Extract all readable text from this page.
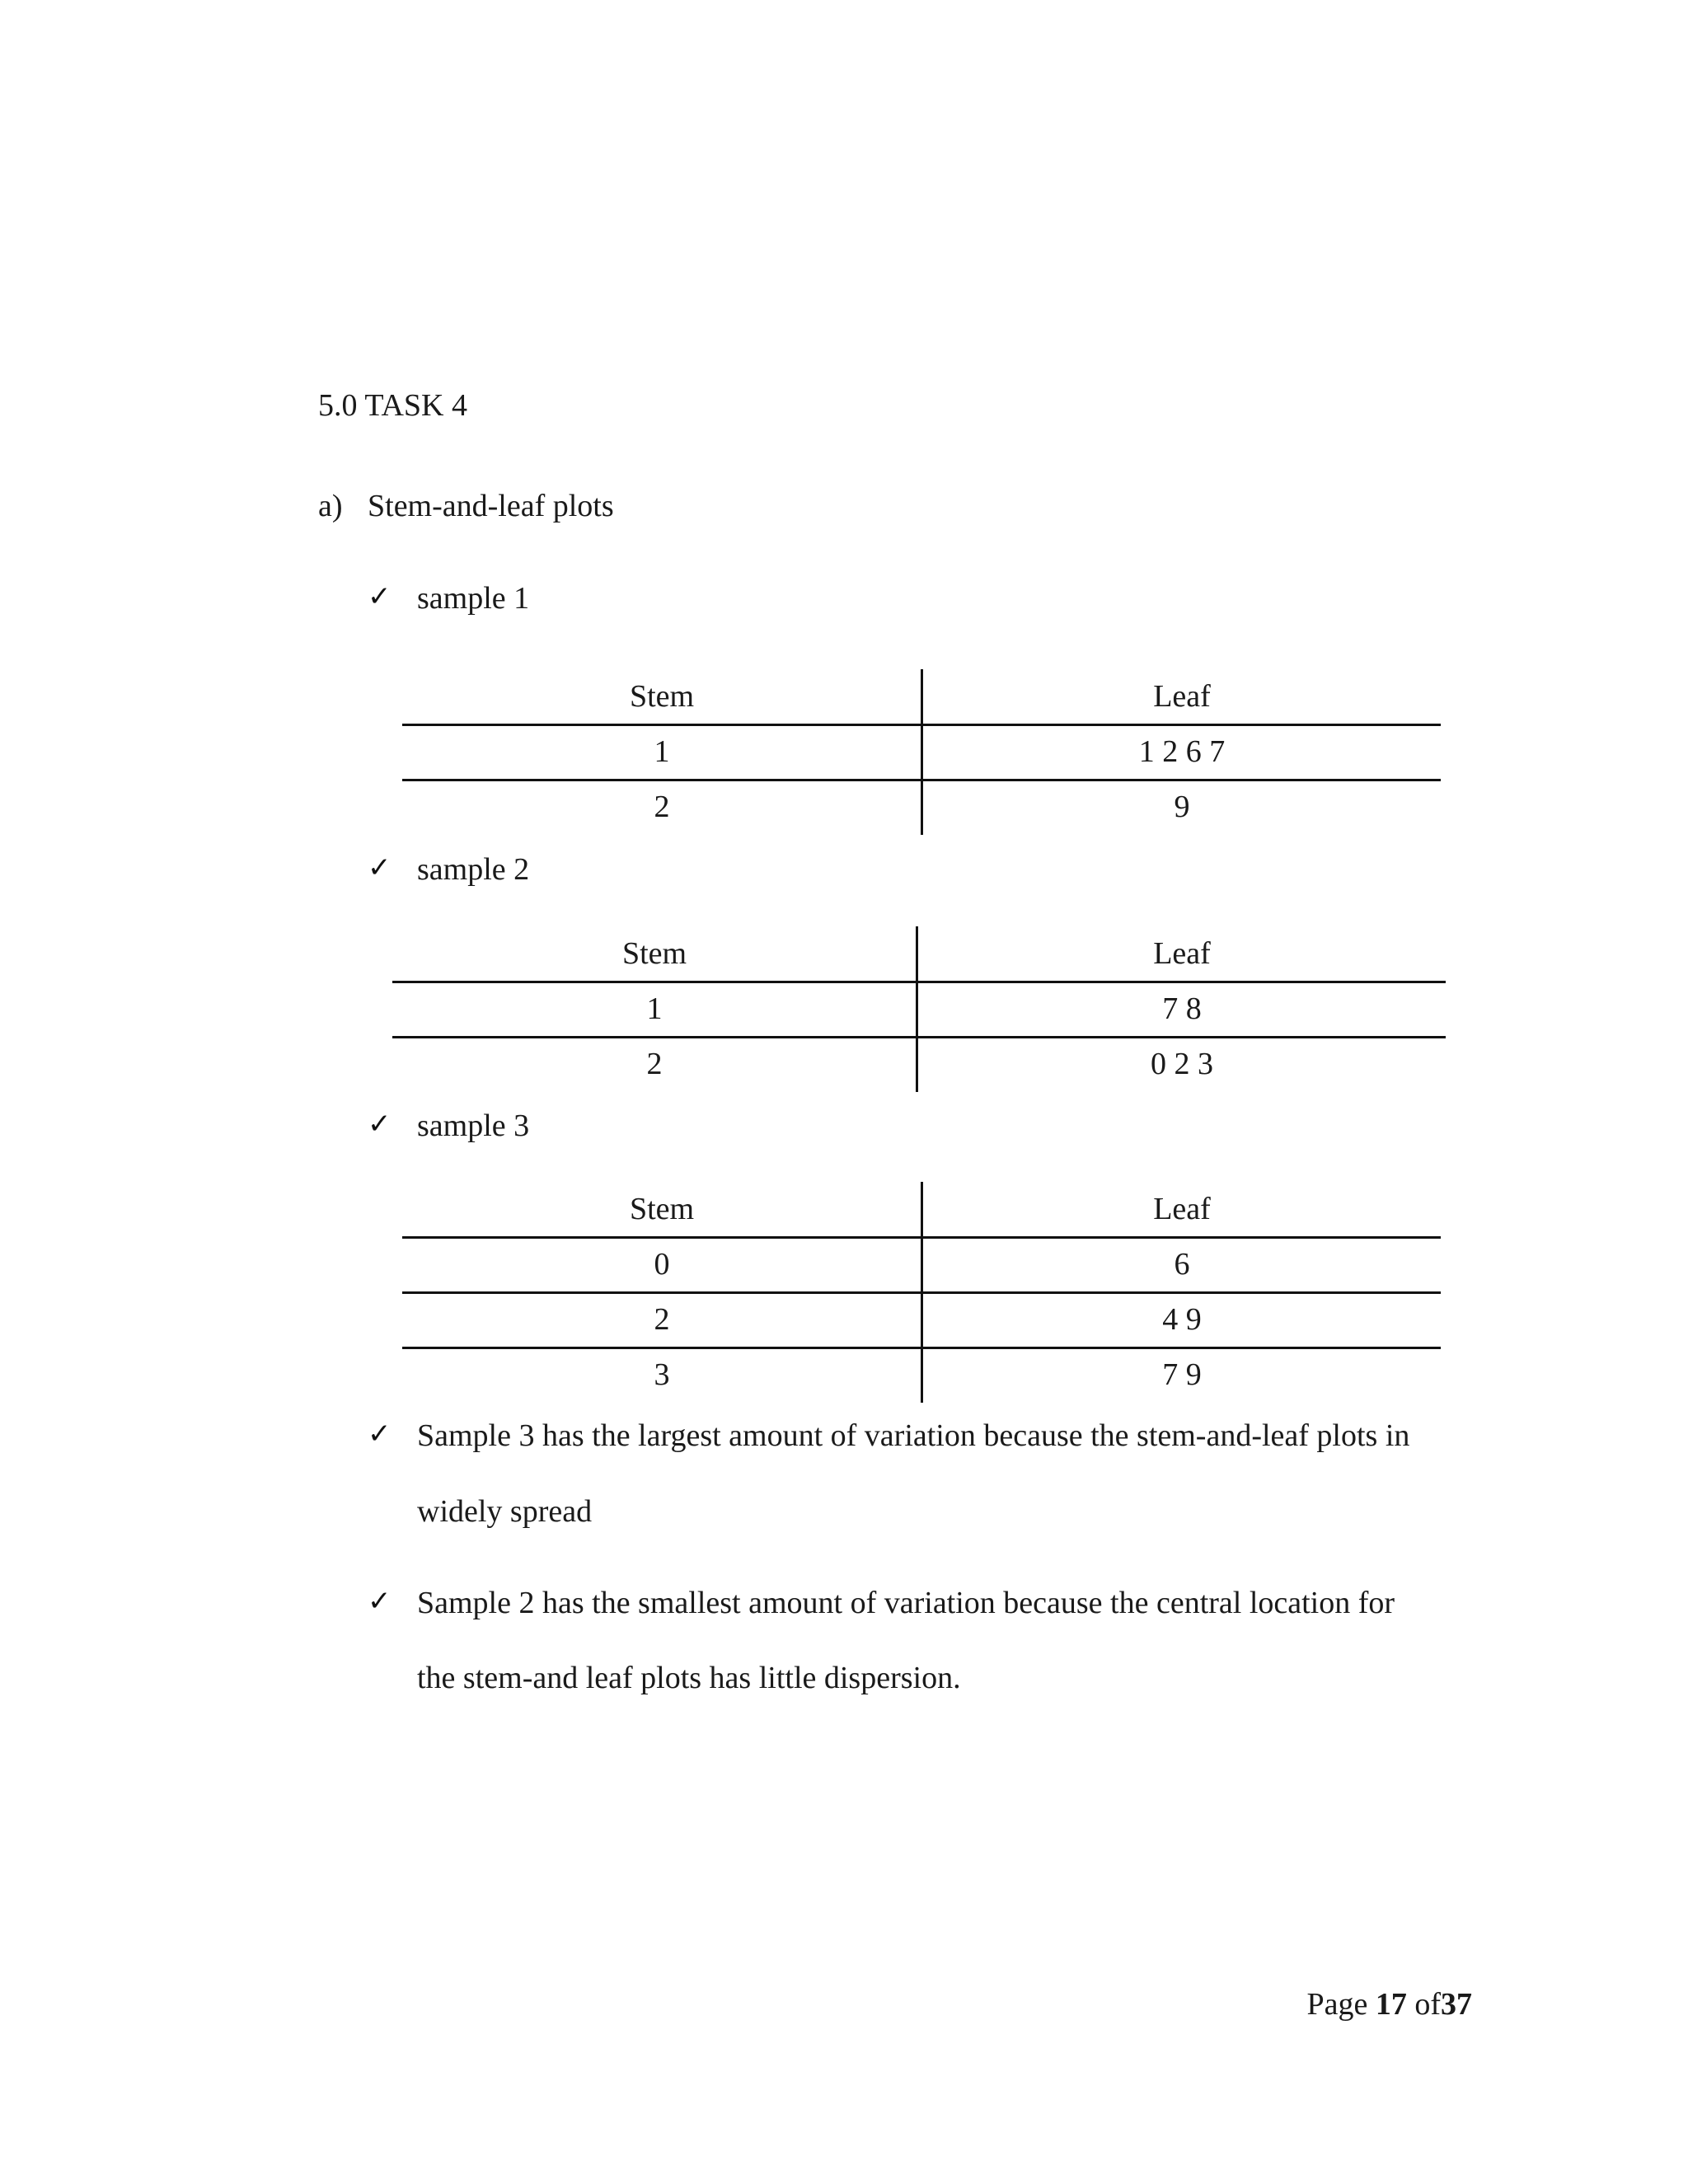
5.0 TASK 4
a) Stem-and-leaf plots
✓ sample 1
Stem	Leaf
1	1 2 6 7
2	9
✓ sample 2
Stem	Leaf
1	7 8
2	0 2 3
✓ sample 3
Stem	Leaf
0	6
2	4 9
3	7 9
✓ Sample 3 has the largest amount of variation because the stem-and-leaf plots in
widely spread
✓ Sample 2 has the smallest amount of variation because the central location for
the stem-and leaf plots has little dispersion.
Page 17 of37
